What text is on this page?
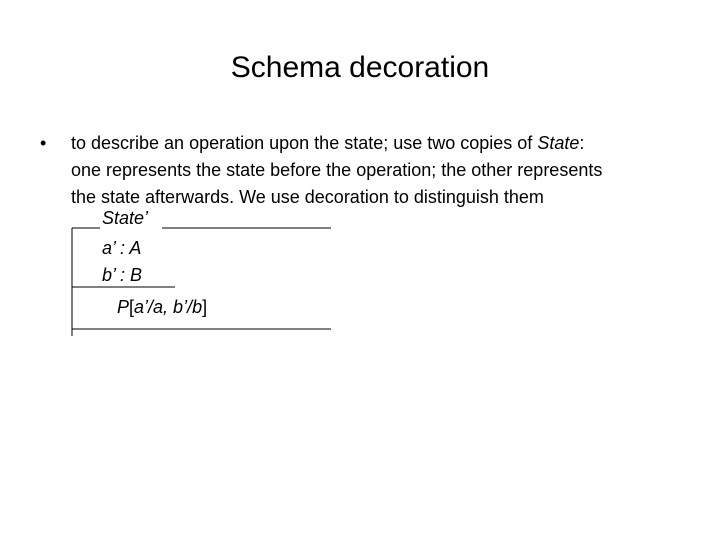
Schema decoration
• to describe an operation upon the state; use two copies of State:
one represents the state before the operation; the other represents
the state afterwards. We use decoration to distinguish them
State’
a’ : A
b’ : B
P[a’/a, b’/b]
